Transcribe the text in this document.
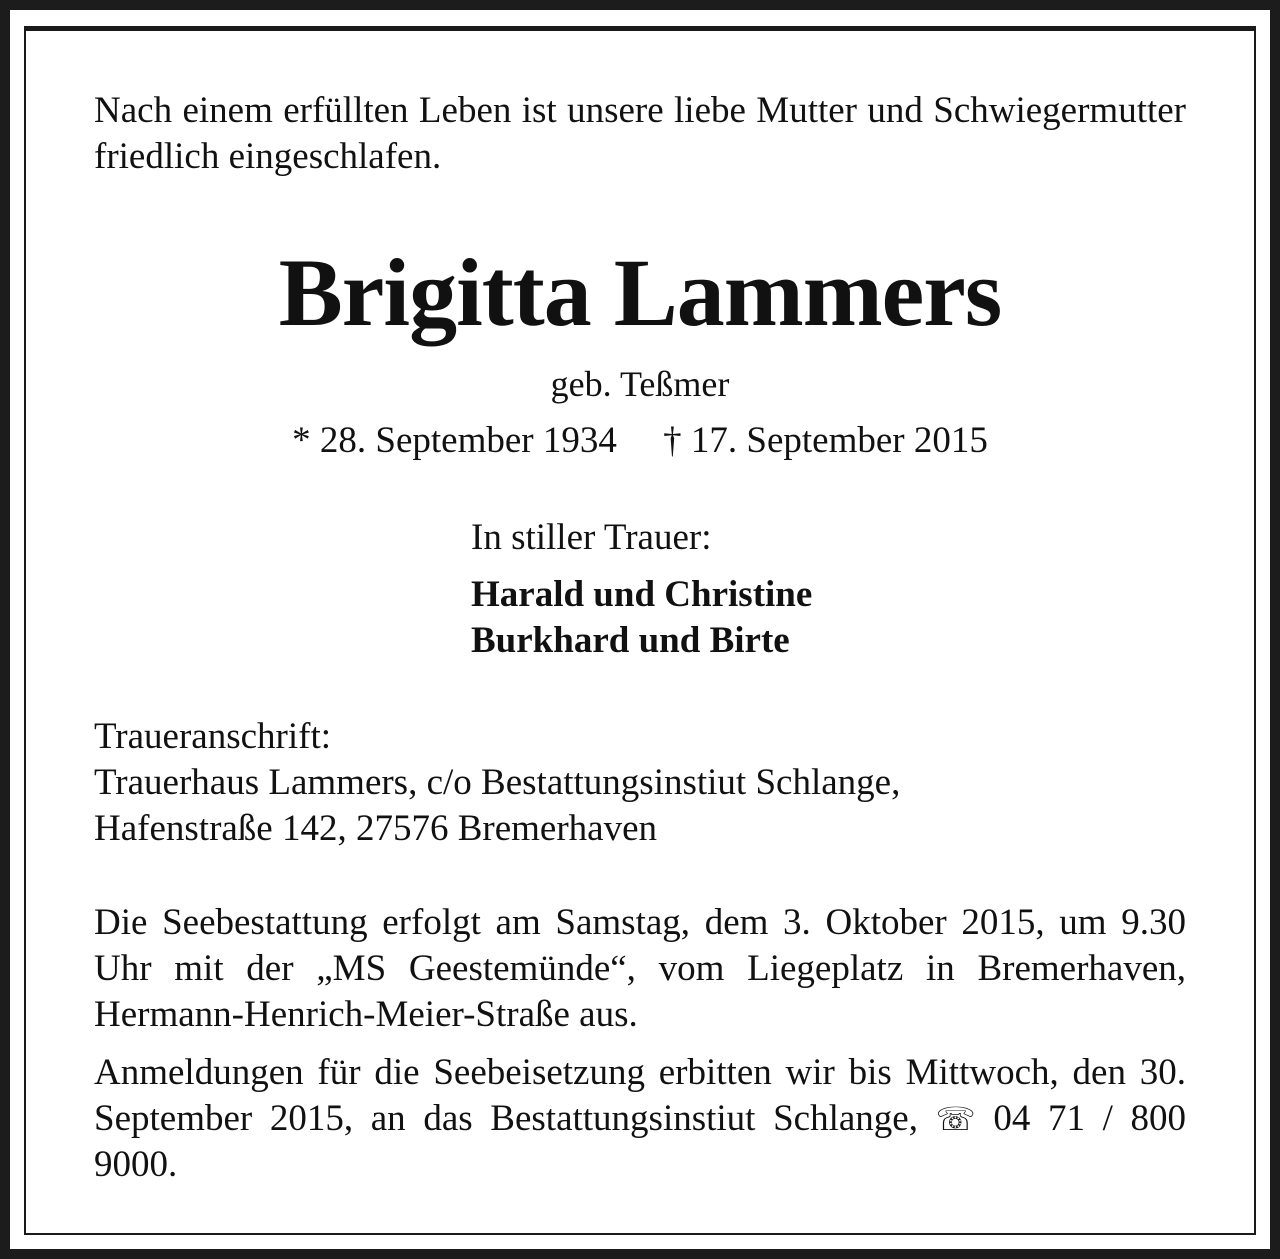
Nach einem erfüllten Leben ist unsere liebe Mutter und Schwiegermutter friedlich eingeschlafen.

Brigitta Lammers
geb. Teßmer
* 28. September 1934 † 17. September 2015
In stiller Trauer:
Harald und Christine
Burkhard und Birte
Traueranschrift:
Trauerhaus Lammers, c/o Bestattungsinstiut Schlange,
Hafenstraße 142, 27576 Bremerhaven

Die Seebestattung erfolgt am Samstag, dem 3. Oktober 2015, um 9.30 Uhr mit der „MS Geestemünde“, vom Liegeplatz in Bremerhaven, Hermann-Henrich-Meier-Straße aus.

Anmeldungen für die Seebeisetzung erbitten wir bis Mittwoch, den 30. September 2015, an das Bestattungsinstiut Schlange, ☏ 04 71 / 800 9000.
